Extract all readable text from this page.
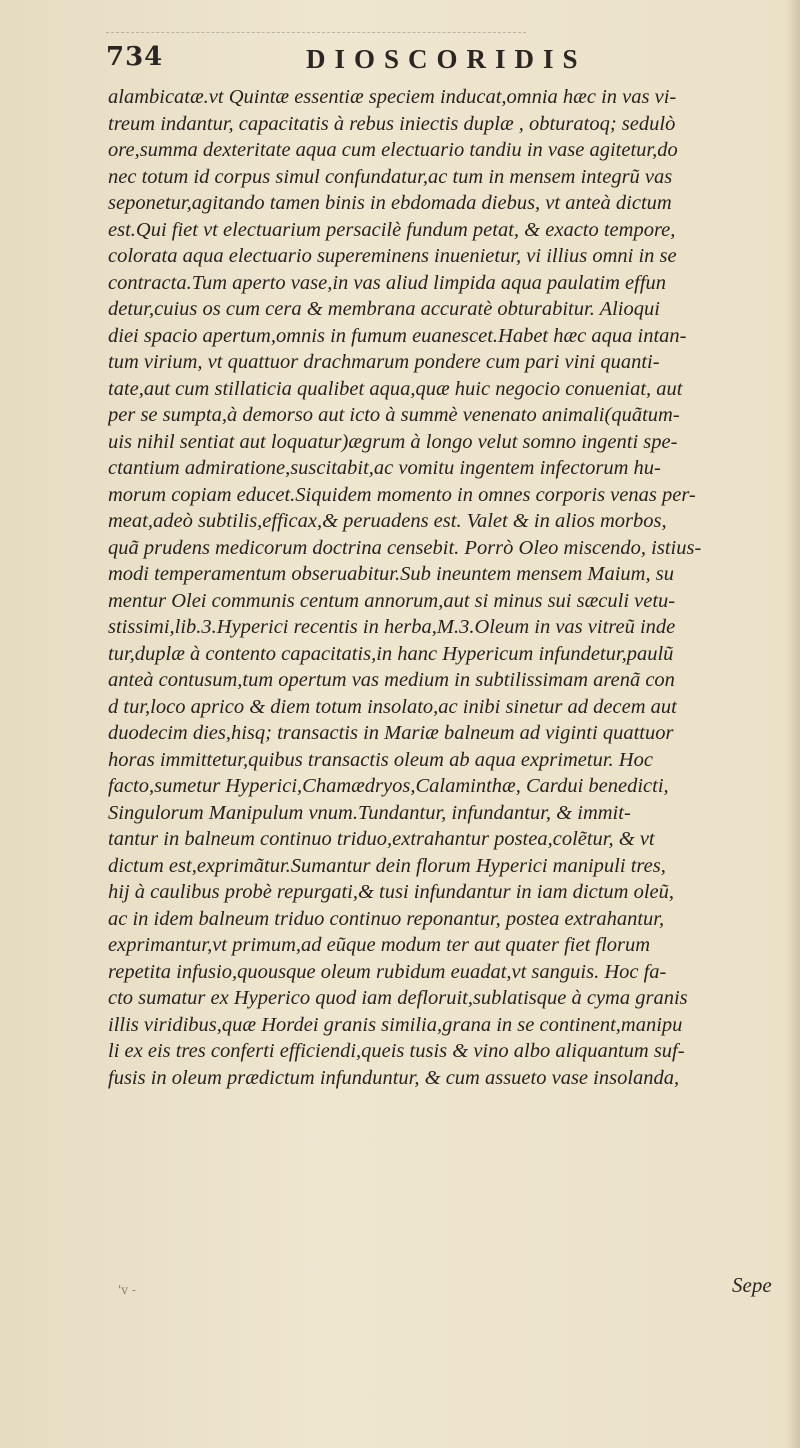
734	DIOSCORIDIS
alambicatæ.vt Quintæ essentiæ speciem inducat,omnia hæc in vas vi-
treum indantur, capacitatis à rebus iniectis duplæ , obturatoq; sedulò
ore,summa dexteritate aqua cum electuario tandiu in vase agitetur,do
nec totum id corpus simul confundatur,ac tum in mensem integrũ vas
seponetur,agitando tamen binis in ebdomada diebus, vt anteà dictum
est.Qui fiet vt electuarium persacilè fundum petat, & exacto tempore,
colorata aqua electuario supereminens inuenietur, vi illius omni in se
contracta.Tum aperto vase,in vas aliud limpida aqua paulatim effun
detur,cuius os cum cera & membrana accuratè obturabitur. Alioqui
diei spacio apertum,omnis in fumum euanescet.Habet hæc aqua intan-
tum virium, vt quattuor drachmarum pondere cum pari vini quanti-
tate,aut cum stillaticia qualibet aqua,quæ huic negocio conueniat, aut
per se sumpta,à demorso aut icto à summè venenato animali(quãtum-
uis nihil sentiat aut loquatur)ægrum à longo velut somno ingenti spe-
ctantium admiratione,suscitabit,ac vomitu ingentem infectorum hu-
morum copiam educet.Siquidem momento in omnes corporis venas per-
meat,adeò subtilis,efficax,& peruadens est. Valet & in alios morbos,
quã prudens medicorum doctrina censebit. Porrò Oleo miscendo, istius-
modi temperamentum obseruabitur.Sub ineuntem mensem Maium, su
mentur Olei communis centum annorum,aut si minus sui sæculi vetu-
stissimi,lib.3.Hyperici recentis in herba,M.3.Oleum in vas vitreũ inde
tur,duplæ à contento capacitatis,in hanc Hypericum infundetur,paulũ
anteà contusum,tum opertum vas medium in subtilissimam arenã con
d tur,loco aprico & diem totum insolato,ac inibi sinetur ad decem aut
duodecim dies,hisq; transactis in Mariæ balneum ad viginti quattuor
horas immittetur,quibus transactis oleum ab aqua exprimetur. Hoc
facto,sumetur Hyperici,Chamædryos,Calaminthæ, Cardui benedicti,
Singulorum Manipulum vnum.Tundantur, infundantur, & immit-
tantur in balneum continuo triduo,extrahantur postea,colẽtur, & vt
dictum est,exprimãtur.Sumantur dein florum Hyperici manipuli tres,
hij à caulibus probè repurgati,& tusi infundantur in iam dictum oleũ,
ac in idem balneum triduo continuo reponantur, postea extrahantur,
exprimantur,vt primum,ad eũque modum ter aut quater fiet florum
repetita infusio,quousque oleum rubidum euadat,vt sanguis. Hoc fa-
cto sumatur ex Hyperico quod iam defloruit,sublatisque à cyma granis
illis viridibus,quæ Hordei granis similia,grana in se continent,manipu
li ex eis tres conferti efficiendi,queis tusis & vino albo aliquantum suf-
fusis in oleum prædictum infunduntur, & cum assueto vase insolanda,
'v -	Sepe
